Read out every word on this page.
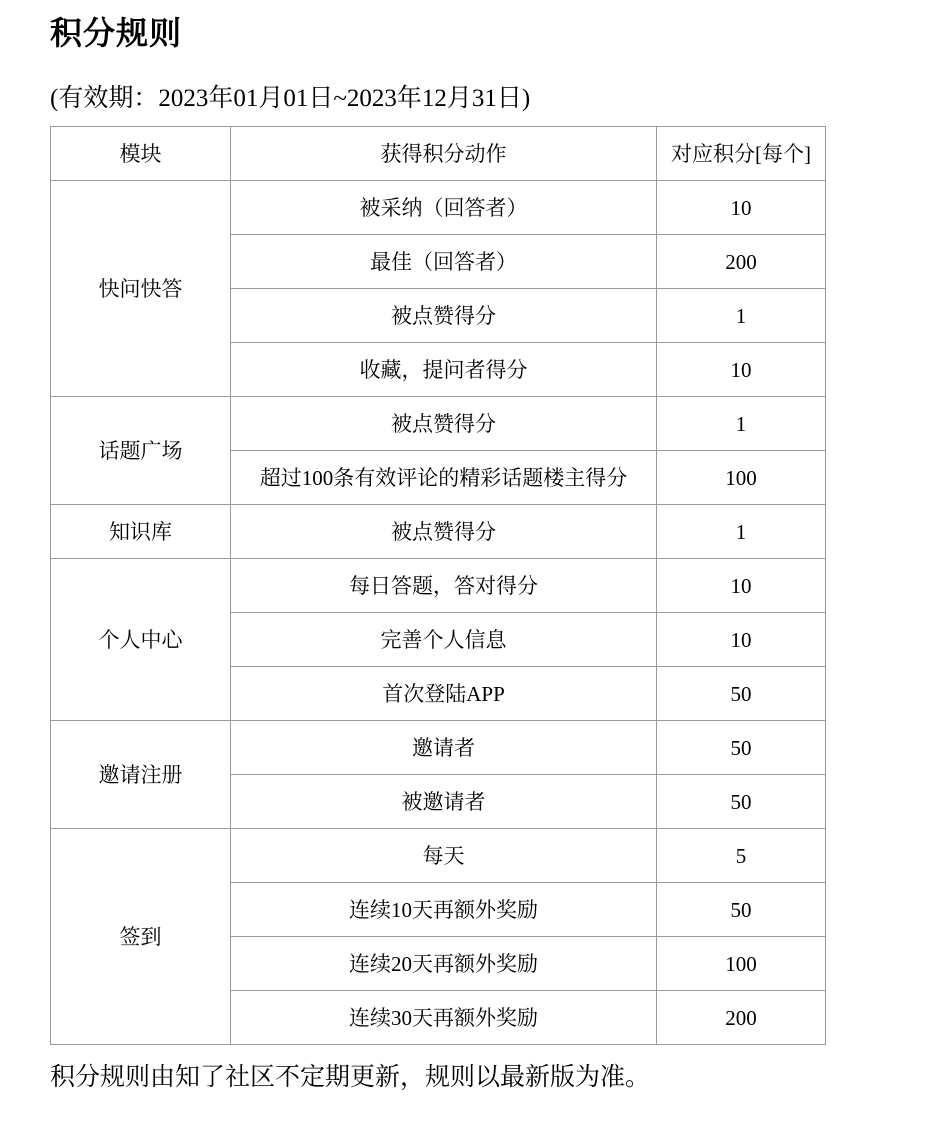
积分规则

(有效期：2023年01月01日~2023年12月31日)

模块	获得积分动作	对应积分[每个]
快问快答	被采纳（回答者）	10
	最佳（回答者）	200
	被点赞得分	1
	收藏，提问者得分	10
话题广场	被点赞得分	1
	超过100条有效评论的精彩话题楼主得分	100
知识库	被点赞得分	1
个人中心	每日答题，答对得分	10
	完善个人信息	10
	首次登陆APP	50
邀请注册	邀请者	50
	被邀请者	50
签到	每天	5
	连续10天再额外奖励	50
	连续20天再额外奖励	100
	连续30天再额外奖励	200

积分规则由知了社区不定期更新，规则以最新版为准。
